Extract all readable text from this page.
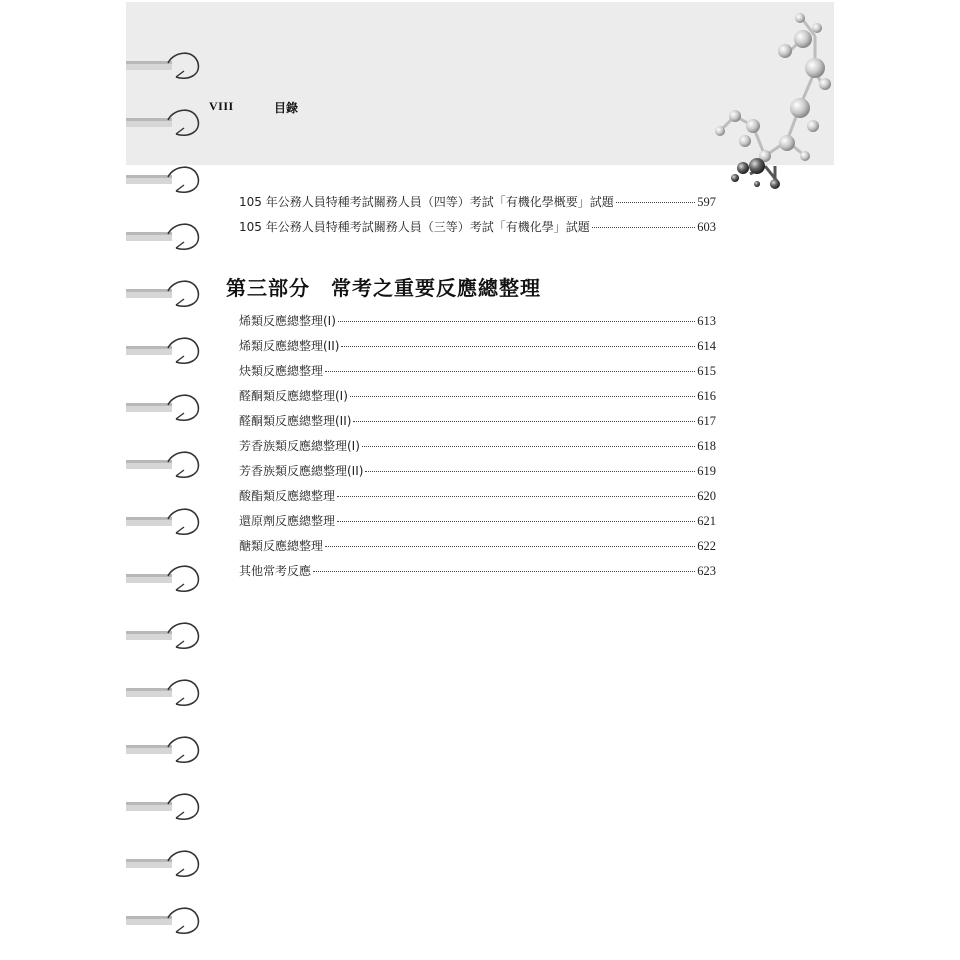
VIII	目錄
105 年公務人員特種考試關務人員（四等）考試「有機化學概要」試題	597
105 年公務人員特種考試關務人員（三等）考試「有機化學」試題	603
第三部分　常考之重要反應總整理
烯類反應總整理(I)	613
烯類反應總整理(II)	614
炔類反應總整理	615
醛酮類反應總整理(I)	616
醛酮類反應總整理(II)	617
芳香族類反應總整理(I)	618
芳香族類反應總整理(II)	619
酸酯類反應總整理	620
還原劑反應總整理	621
醣類反應總整理	622
其他常考反應	623
